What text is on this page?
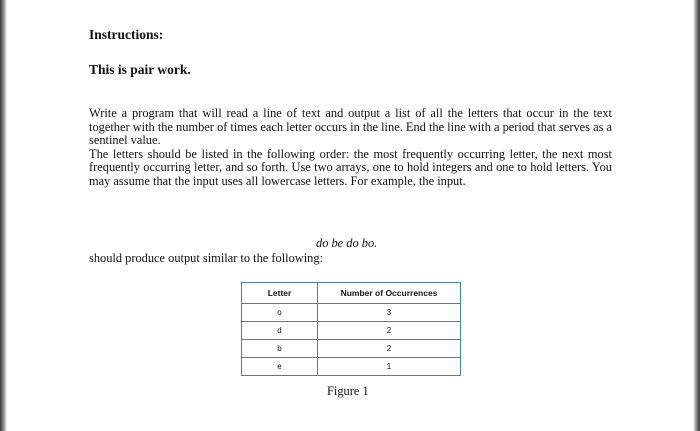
Instructions:
This is pair work.

Write a program that will read a line of text and output a list of all the letters that occur in the text together with the number of times each letter occurs in the line. End the line with a period that serves as a sentinel value.

The letters should be listed in the following order: the most frequently occurring letter, the next most frequently occurring letter, and so forth. Use two arrays, one to hold integers and one to hold letters. You may assume that the input uses all lowercase letters. For example, the input.

do be do bo.
should produce output similar to the following:
Letter	Number of Occurrences
o	3
d	2
b	2
e	1
Figure 1
